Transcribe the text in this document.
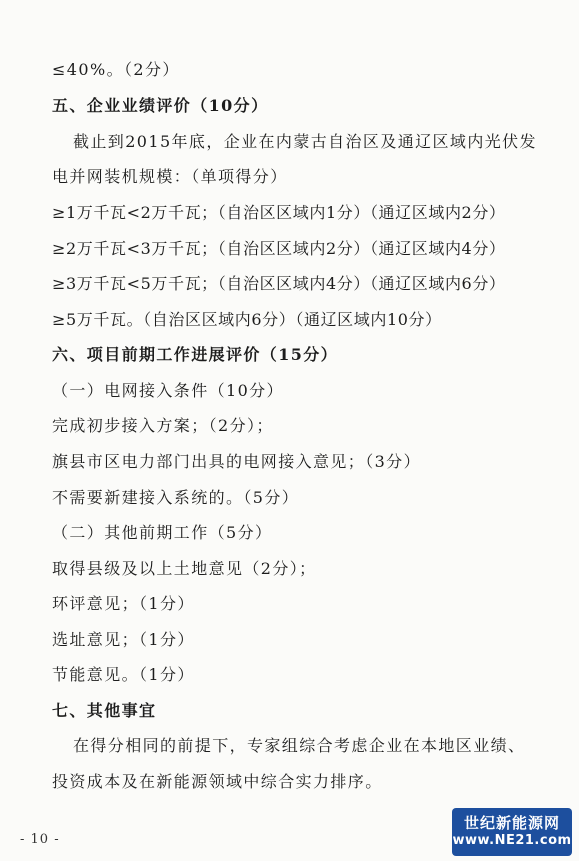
≤40%。（2分）
五、企业业绩评价（10分）
截止到2015年底，企业在内蒙古自治区及通辽区域内光伏发
电并网装机规模：（单项得分）
≥1万千瓦<2万千瓦；（自治区区域内1分）（通辽区域内2分）
≥2万千瓦<3万千瓦；（自治区区域内2分）（通辽区域内4分）
≥3万千瓦<5万千瓦；（自治区区域内4分）（通辽区域内6分）
≥5万千瓦。（自治区区域内6分）（通辽区域内10分）
六、项目前期工作进展评价（15分）
（一）电网接入条件（10分）
完成初步接入方案；（2分）；
旗县市区电力部门出具的电网接入意见；（3分）
不需要新建接入系统的。（5分）
（二）其他前期工作（5分）
取得县级及以上土地意见（2分）；
环评意见；（1分）
选址意见；（1分）
节能意见。（1分）
七、其他事宜
在得分相同的前提下，专家组综合考虑企业在本地区业绩、
投资成本及在新能源领域中综合实力排序。
- 10 -
世纪新能源网
www.NE21.com
